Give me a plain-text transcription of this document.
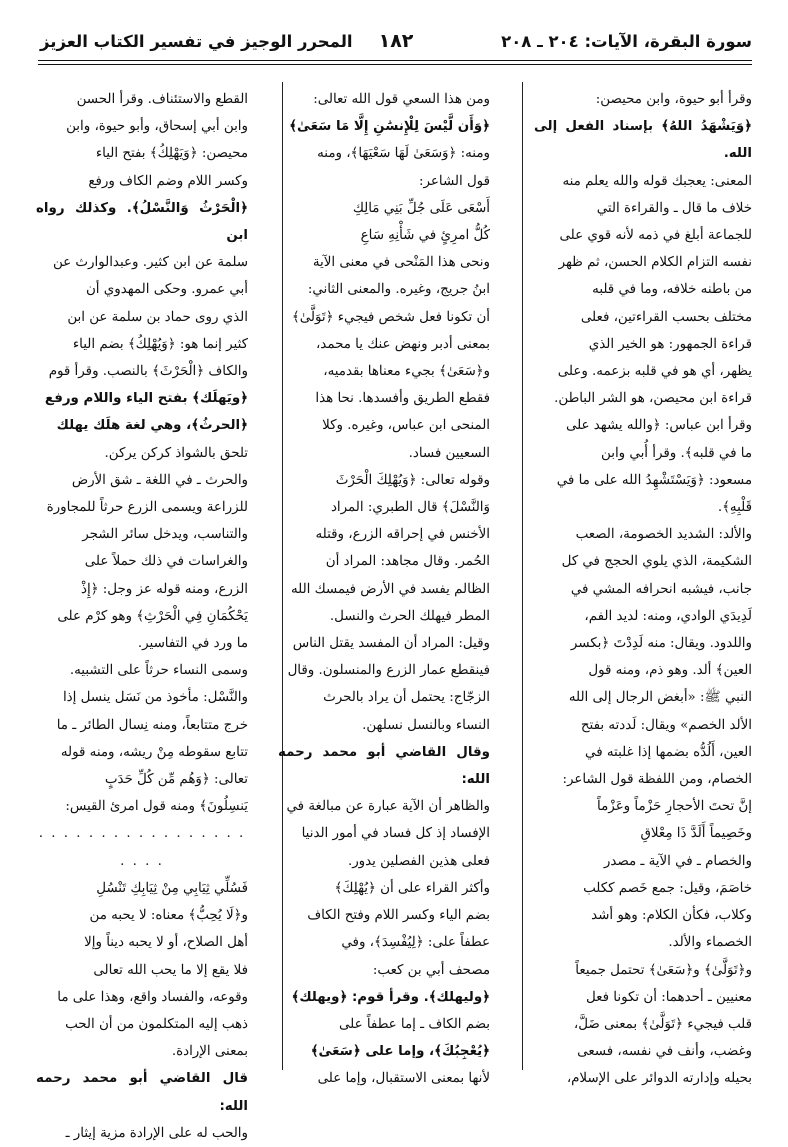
سورة البقرة، الآيات: ٢٠٤ ـ ٢٠٨
١٨٢
المحرر الوجيز في تفسير الكتاب العزيز

وقرأ أبو حيوة، وابن محيصن:

﴿وَيَشْهَدُ اللهُ﴾ بإسناد الفعل إلى الله.

المعنى: يعجبك قوله والله يعلم منه

خلاف ما قال ـ والقراءة التي

للجماعة أبلغ في ذمه لأنه قوي على

نفسه التزام الكلام الحسن، ثم ظهر

من باطنه خلافه، وما في قلبه

مختلف بحسب القراءتين، فعلى

قراءة الجمهور: هو الخير الذي

يظهر، أي هو في قلبه بزعمه. وعلى

قراءة ابن محيصن، هو الشر الباطن.

وقرأ ابن عباس: ﴿والله يشهد على

ما في قلبه﴾. وقرأ أُبي وابن

مسعود: ﴿وَيَسْتَشْهِدُ الله على ما في

قَلْبِهِ﴾.

والألد: الشديد الخصومة، الصعب

الشكيمة، الذي يلوي الحجج في كل

جانب، فيشبه انحرافه المشي في

لَدِيدَي الوادي، ومنه: لديد الفم،

واللدود. ويقال: منه لَدِدْتَ ﴿بكسر

العين﴾ ألد. وهو ذم، ومنه قول

النبي ﷺ: «أبغض الرجال إلى الله

الألد الخصم» ويقال: لَددته بفتح

العين، أَلُدُّه بضمها إذا غلبته في

الخصام، ومن اللفظة قول الشاعر:

إنَّ تحتَ الأحجارِ حَزْماً وعَزْماً

وخَصِيماً أَلَدَّ ذَا مِعْلاقِ

والخصام ـ في الآية ـ مصدر

خاصَمَ، وقيل: جمع خَصم ككلب

وكلاب، فكأن الكلام: وهو أشد

الخصماء والألد.

و﴿تَوَلَّىٰ﴾ و﴿سَعَىٰ﴾ تحتمل جميعاً

معنيين ـ أحدهما: أن تكونا فعل

قلب فيجيء ﴿تَوَلَّىٰ﴾ بمعنى ضَلَّ،

وغضب، وأنف في نفسه، فسعى

بحيله وإدارته الدوائر على الإسلام،

ومن هذا السعي قول الله تعالى:

﴿وَأَن لَّيْسَ لِلْإِنسَٰنِ إِلَّا مَا سَعَىٰ﴾

ومنه: ﴿وَسَعَىٰ لَهَا سَعْيَهَا﴾، ومنه

قول الشاعر:

أَسْعَى عَلَى جُلِّ بَنِي مَالِكِ

كُلُّ امرِئٍ في شَأْنِهِ سَاعِ

ونحى هذا المَنْحى في معنى الآية

ابنُ جريج، وغيره. والمعنى الثاني:

أن تكونا فعل شخص فيجيء ﴿تَوَلَّىٰ﴾

بمعنى أدبر ونهض عنك يا محمد،

و﴿سَعَىٰ﴾ بجيء معناها بقدميه،

فقطع الطريق وأفسدها. نحا هذا

المنحى ابن عباس، وغيره. وكلا

السعيين فساد.

وقوله تعالى: ﴿وَيُهْلِكَ الْحَرْثَ

وَالنَّسْلَ﴾ قال الطبري: المراد

الأخنس في إحراقه الزرع، وقتله

الحُمر. وقال مجاهد: المراد أن

الظالم يفسد في الأرض فيمسك الله

المطر فيهلك الحرث والنسل.

وقيل: المراد أن المفسد يقتل الناس

فينقطع عمار الزرع والمنسلون. وقال

الزجّاج: يحتمل أن يراد بالحرث

النساء وبالنسل نسلهن.

وقال القاضي أبو محمد رحمه الله:

والظاهر أن الآية عبارة عن مبالغة في

الإفساد إذ كل فساد في أمور الدنيا

فعلى هذين الفصلين يدور.

وأكثر القراء على أن ﴿يُهْلِكَ﴾

بضم الياء وكسر اللام وفتح الكاف

عطفاً على: ﴿لِيُفْسِدَ﴾، وفي

مصحف أبي بن كعب:

﴿وليهلك﴾. وقرأ قوم: ﴿ويهلك﴾

بضم الكاف ـ إما عطفاً على

﴿يُعْجِبُكَ﴾، وإما على ﴿سَعَىٰ﴾

لأنها بمعنى الاستقبال، وإما على

القطع والاستئناف. وقرأ الحسن

وابن أبي إسحاق، وأبو حيوة، وابن

محيصن: ﴿وَيَهْلِكُ﴾ بفتح الياء

وكسر اللام وضم الكاف ورفع

﴿الْحَرْثُ وَالنَّسْلُ﴾. وكذلك رواه ابن

سلمة عن ابن كثير. وعبدالوارث عن

أبي عمرو. وحكى المهدوي أن

الذي روى حماد بن سلمة عن ابن

كثير إنما هو: ﴿وَيُهْلِكُ﴾ بضم الياء

والكاف ﴿الْحَرْثَ﴾ بالنصب. وقرأ قوم

﴿ويَهلَك﴾ بفتح الياء واللام ورفع

﴿الحرثُ﴾، وهي لغة هلَك يهلك

تلحق بالشواذ كركن يركن.

والحرث ـ في اللغة ـ شق الأرض

للزراعة ويسمى الزرع حرثاً للمجاورة

والتناسب، ويدخل سائر الشجر

والغراسات في ذلك حملاً على

الزرع، ومنه قوله عز وجل: ﴿إِذْ

يَحْكُمَانِ فِي الْحَرْثِ﴾ وهو كرْم على

ما ورد في التفاسير.

وسمى النساء حرثاً على التشبيه.

والنَّسْل: مأخوذ من نَسَل ينسل إذا

خرج متتابعاً، ومنه نِسال الطائر ـ ما

تتابع سقوطه مِنْ ريشه، ومنه قوله

تعالى: ﴿وَهُم مِّن كُلِّ حَدَبٍ

يَنسِلُونَ﴾ ومنه قول امرئ القيس:

. . . . . . . . . . . . . . . . . . . . .

فَسُلِّي ثِيَابِي مِنْ ثِيَابِكِ تَنْسُلِ

و﴿لَا يُحِبُّ﴾ معناه: لا يحبه من

أهل الصلاح، أو لا يحبه ديناً وإلا

فلا يقع إلا ما يحب الله تعالى

وقوعه، والفساد واقع، وهذا على ما

ذهب إليه المتكلمون من أن الحب

بمعنى الإرادة.

قال القاضي أبو محمد رحمه الله:

والحب له على الإرادة مزية إيثار ـ
